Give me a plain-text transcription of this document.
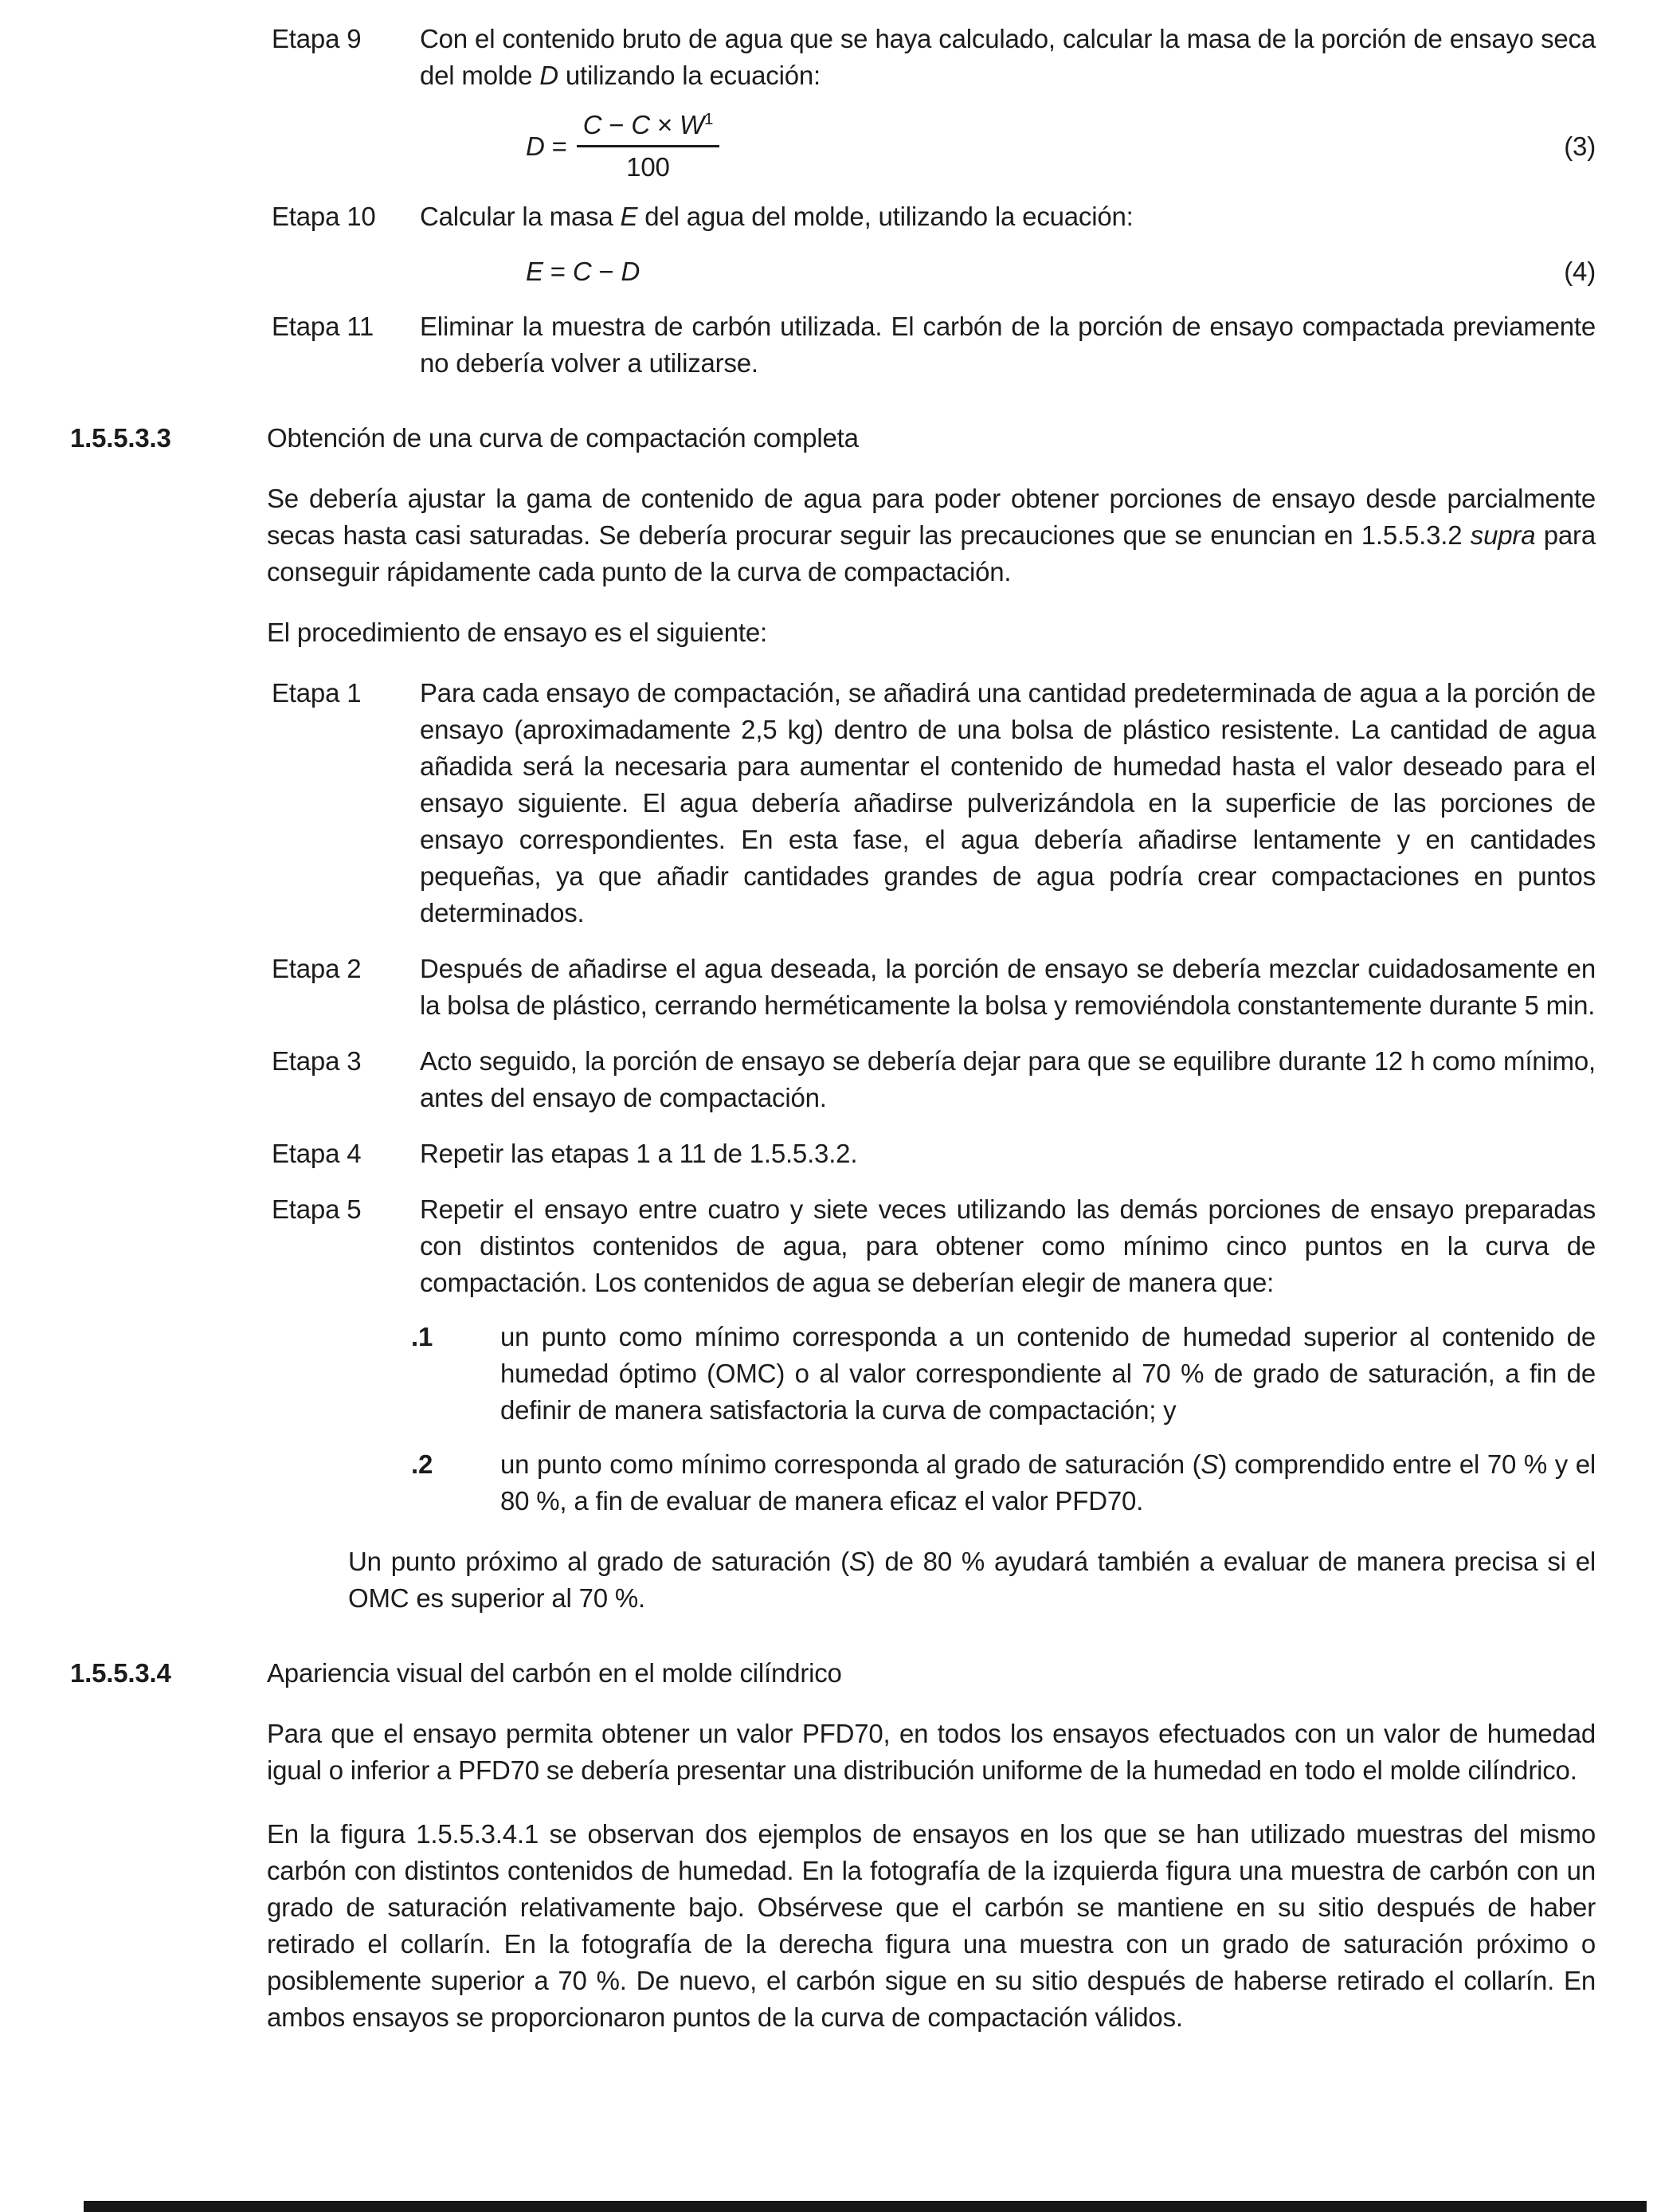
Etapa 9	Con el contenido bruto de agua que se haya calculado, calcular la masa de la porción de ensayo seca del molde D utilizando la ecuación:
$D = \frac{C - C \times W^1}{100}$	(3)
Etapa 10	Calcular la masa E del agua del molde, utilizando la ecuación:
E = C − D	(4)
Etapa 11	Eliminar la muestra de carbón utilizada. El carbón de la porción de ensayo compactada previamente no debería volver a utilizarse.
1.5.5.3.3	Obtención de una curva de compactación completa
Se debería ajustar la gama de contenido de agua para poder obtener porciones de ensayo desde parcialmente secas hasta casi saturadas. Se debería procurar seguir las precauciones que se enuncian en 1.5.5.3.2 supra para conseguir rápidamente cada punto de la curva de compactación.
El procedimiento de ensayo es el siguiente:
Etapa 1	Para cada ensayo de compactación, se añadirá una cantidad predeterminada de agua a la porción de ensayo (aproximadamente 2,5 kg) dentro de una bolsa de plástico resistente. La cantidad de agua añadida será la necesaria para aumentar el contenido de humedad hasta el valor deseado para el ensayo siguiente. El agua debería añadirse pulverizándola en la superficie de las porciones de ensayo correspondientes. En esta fase, el agua debería añadirse lentamente y en cantidades pequeñas, ya que añadir cantidades grandes de agua podría crear compactaciones en puntos determinados.
Etapa 2	Después de añadirse el agua deseada, la porción de ensayo se debería mezclar cuidadosamente en la bolsa de plástico, cerrando herméticamente la bolsa y removiéndola constantemente durante 5 min.
Etapa 3	Acto seguido, la porción de ensayo se debería dejar para que se equilibre durante 12 h como mínimo, antes del ensayo de compactación.
Etapa 4	Repetir las etapas 1 a 11 de 1.5.5.3.2.
Etapa 5	Repetir el ensayo entre cuatro y siete veces utilizando las demás porciones de ensayo preparadas con distintos contenidos de agua, para obtener como mínimo cinco puntos en la curva de compactación. Los contenidos de agua se deberían elegir de manera que:
.1	un punto como mínimo corresponda a un contenido de humedad superior al contenido de humedad óptimo (OMC) o al valor correspondiente al 70 % de grado de saturación, a fin de definir de manera satisfactoria la curva de compactación; y
.2	un punto como mínimo corresponda al grado de saturación (S) comprendido entre el 70 % y el 80 %, a fin de evaluar de manera eficaz el valor PFD70.
Un punto próximo al grado de saturación (S) de 80 % ayudará también a evaluar de manera precisa si el OMC es superior al 70 %.
1.5.5.3.4	Apariencia visual del carbón en el molde cilíndrico
Para que el ensayo permita obtener un valor PFD70, en todos los ensayos efectuados con un valor de humedad igual o inferior a PFD70 se debería presentar una distribución uniforme de la humedad en todo el molde cilíndrico.
En la figura 1.5.5.3.4.1 se observan dos ejemplos de ensayos en los que se han utilizado muestras del mismo carbón con distintos contenidos de humedad. En la fotografía de la izquierda figura una muestra de carbón con un grado de saturación relativamente bajo. Obsérvese que el carbón se mantiene en su sitio después de haber retirado el collarín. En la fotografía de la derecha figura una muestra con un grado de saturación próximo o posiblemente superior a 70 %. De nuevo, el carbón sigue en su sitio después de haberse retirado el collarín. En ambos ensayos se proporcionaron puntos de la curva de compactación válidos.
